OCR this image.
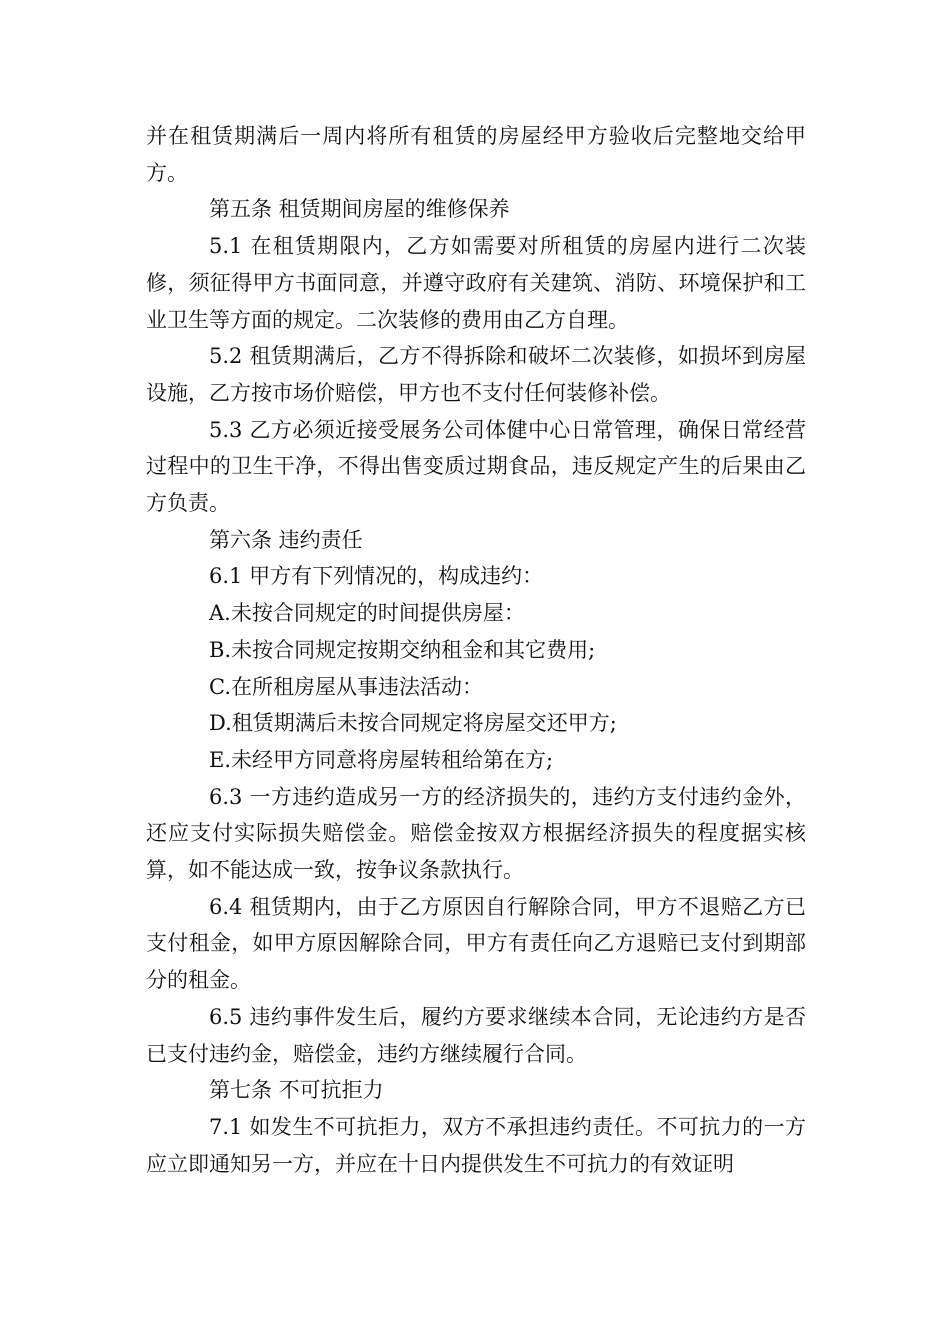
并在租赁期满后一周内将所有租赁的房屋经甲方验收后完整地交给甲方。

第五条 租赁期间房屋的维修保养

5.1 在租赁期限内，乙方如需要对所租赁的房屋内进行二次装修，须征得甲方书面同意，并遵守政府有关建筑、消防、环境保护和工业卫生等方面的规定。二次装修的费用由乙方自理。

5.2 租赁期满后，乙方不得拆除和破坏二次装修，如损坏到房屋设施，乙方按市场价赔偿，甲方也不支付任何装修补偿。

5.3 乙方必须近接受展务公司体健中心日常管理，确保日常经营过程中的卫生干净，不得出售变质过期食品，违反规定产生的后果由乙方负责。

第六条 违约责任

6.1 甲方有下列情况的，构成违约：

A.未按合同规定的时间提供房屋：

B.未按合同规定按期交纳租金和其它费用;

C.在所租房屋从事违法活动：

D.租赁期满后未按合同规定将房屋交还甲方;

E.未经甲方同意将房屋转租给第在方;

6.3 一方违约造成另一方的经济损失的，违约方支付违约金外，还应支付实际损失赔偿金。赔偿金按双方根据经济损失的程度据实核算，如不能达成一致，按争议条款执行。

6.4 租赁期内，由于乙方原因自行解除合同，甲方不退赔乙方已支付租金，如甲方原因解除合同，甲方有责任向乙方退赔已支付到期部分的租金。

6.5 违约事件发生后，履约方要求继续本合同，无论违约方是否已支付违约金，赔偿金，违约方继续履行合同。

第七条 不可抗拒力

7.1 如发生不可抗拒力，双方不承担违约责任。不可抗力的一方应立即通知另一方，并应在十日内提供发生不可抗力的有效证明
